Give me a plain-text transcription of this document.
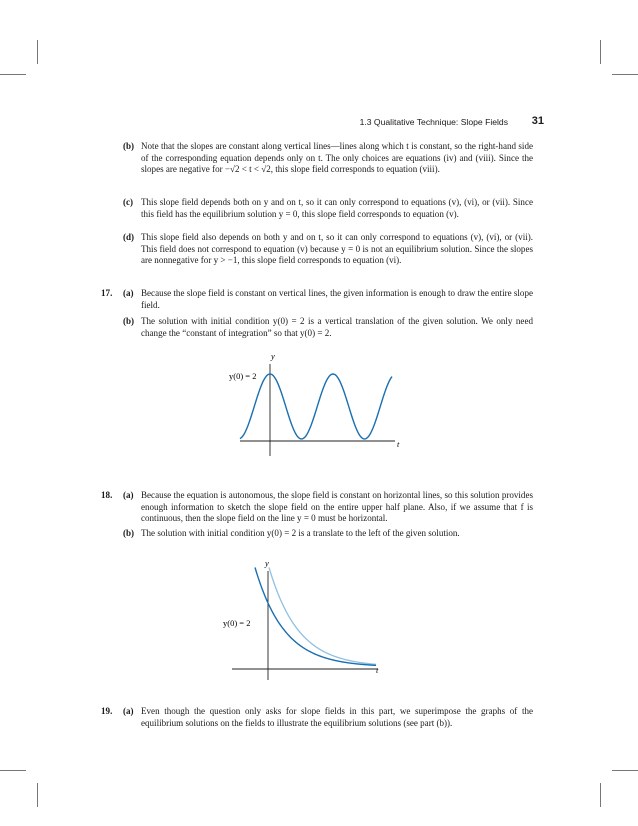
1.3 Qualitative Technique: Slope Fields 31
(b) Note that the slopes are constant along vertical lines—lines along which t is constant, so the right-hand side of the corresponding equation depends only on t. The only choices are equations (iv) and (viii). Since the slopes are negative for −√2 < t < √2, this slope field corresponds to equation (viii).
(c) This slope field depends both on y and on t, so it can only correspond to equations (v), (vi), or (vii). Since this field has the equilibrium solution y = 0, this slope field corresponds to equation (v).
(d) This slope field also depends on both y and on t, so it can only correspond to equations (v), (vi), or (vii). This field does not correspond to equation (v) because y = 0 is not an equilibrium solution. Since the slopes are nonnegative for y > −1, this slope field corresponds to equation (vi).
17. (a) Because the slope field is constant on vertical lines, the given information is enough to draw the entire slope field.
(b) The solution with initial condition y(0) = 2 is a vertical translation of the given solution. We only need change the “constant of integration” so that y(0) = 2.
y
t
y(0) = 2
18. (a) Because the equation is autonomous, the slope field is constant on horizontal lines, so this solution provides enough information to sketch the slope field on the entire upper half plane. Also, if we assume that f is continuous, then the slope field on the line y = 0 must be horizontal.
(b) The solution with initial condition y(0) = 2 is a translate to the left of the given solution.
y
t
y(0) = 2
19. (a) Even though the question only asks for slope fields in this part, we superimpose the graphs of the equilibrium solutions on the fields to illustrate the equilibrium solutions (see part (b)).
